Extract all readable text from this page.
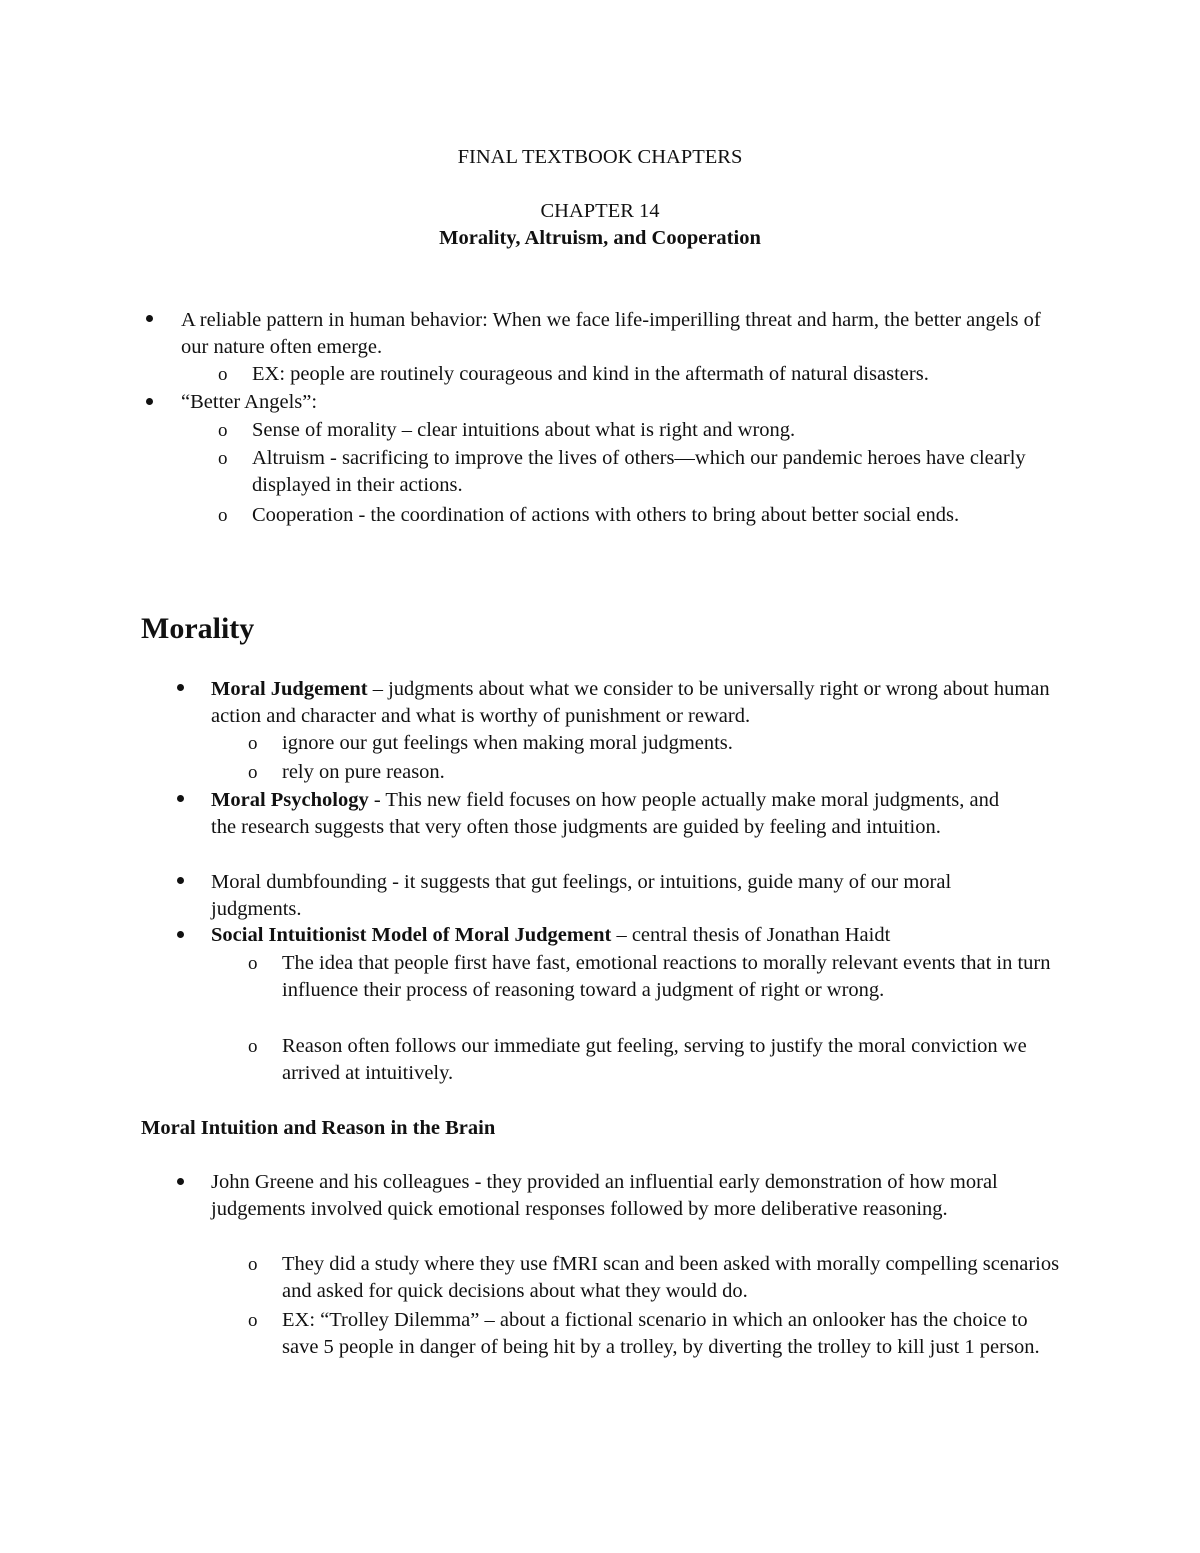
FINAL TEXTBOOK CHAPTERS
CHAPTER 14
Morality, Altruism, and Cooperation
A reliable pattern in human behavior: When we face life-imperilling threat and harm, the better angels of our nature often emerge.
o EX: people are routinely courageous and kind in the aftermath of natural disasters.
“Better Angels”:
o Sense of morality – clear intuitions about what is right and wrong.
o Altruism - sacrificing to improve the lives of others—which our pandemic heroes have clearly displayed in their actions.
o Cooperation - the coordination of actions with others to bring about better social ends.
Morality
Moral Judgement – judgments about what we consider to be universally right or wrong about human action and character and what is worthy of punishment or reward.
o ignore our gut feelings when making moral judgments.
o rely on pure reason.
Moral Psychology - This new field focuses on how people actually make moral judgments, and the research suggests that very often those judgments are guided by feeling and intuition.
Moral dumbfounding - it suggests that gut feelings, or intuitions, guide many of our moral judgments.
Social Intuitionist Model of Moral Judgement – central thesis of Jonathan Haidt
o The idea that people first have fast, emotional reactions to morally relevant events that in turn influence their process of reasoning toward a judgment of right or wrong.
o Reason often follows our immediate gut feeling, serving to justify the moral conviction we arrived at intuitively.
Moral Intuition and Reason in the Brain
John Greene and his colleagues - they provided an influential early demonstration of how moral judgements involved quick emotional responses followed by more deliberative reasoning.
o They did a study where they use fMRI scan and been asked with morally compelling scenarios and asked for quick decisions about what they would do.
o EX: “Trolley Dilemma” – about a fictional scenario in which an onlooker has the choice to save 5 people in danger of being hit by a trolley, by diverting the trolley to kill just 1 person.
